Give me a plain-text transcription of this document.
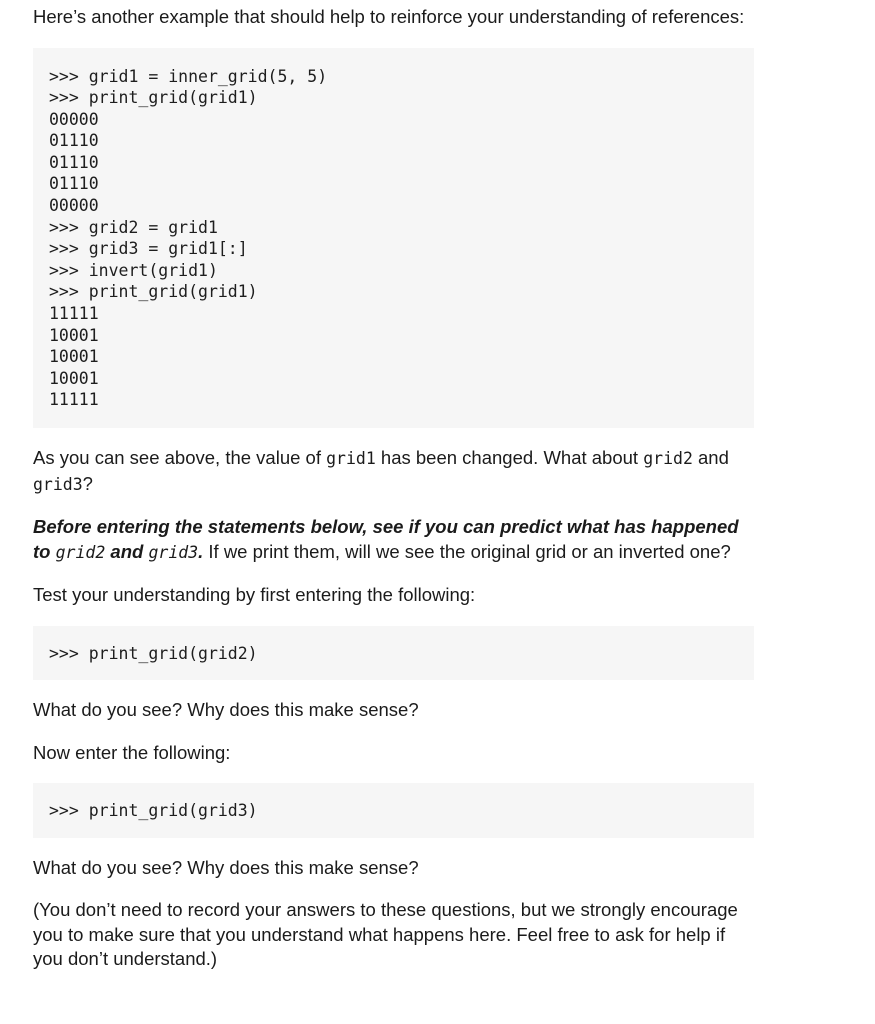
Here’s another example that should help to reinforce your understanding of references:

>>> grid1 = inner_grid(5, 5)
>>> print_grid(grid1)
00000
01110
01110
01110
00000
>>> grid2 = grid1
>>> grid3 = grid1[:]
>>> invert(grid1)
>>> print_grid(grid1)
11111
10001
10001
10001
11111

As you can see above, the value of grid1 has been changed. What about grid2 and grid3?

Before entering the statements below, see if you can predict what has happened to grid2 and grid3. If we print them, will we see the original grid or an inverted one?

Test your understanding by first entering the following:

>>> print_grid(grid2)

What do you see? Why does this make sense?

Now enter the following:

>>> print_grid(grid3)

What do you see? Why does this make sense?

(You don’t need to record your answers to these questions, but we strongly encourage you to make sure that you understand what happens here. Feel free to ask for help if you don’t understand.)
